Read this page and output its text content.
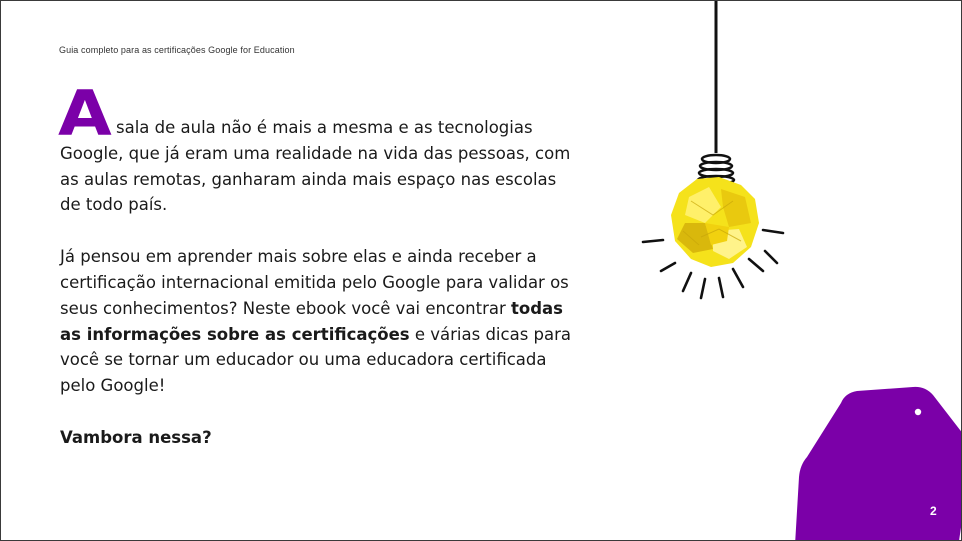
Guia completo para as certificações Google for Education
A sala de aula não é mais a mesma e as tecnologias Google, que já eram uma realidade na vida das pessoas, com as aulas remotas, ganharam ainda mais espaço nas escolas de todo país.

Já pensou em aprender mais sobre elas e ainda receber a certificação internacional emitida pelo Google para validar os seus conhecimentos? Neste ebook você vai encontrar todas as informações sobre as certificações e várias dicas para você se tornar um educador ou uma educadora certificada pelo Google!

Vambora nessa?

2
